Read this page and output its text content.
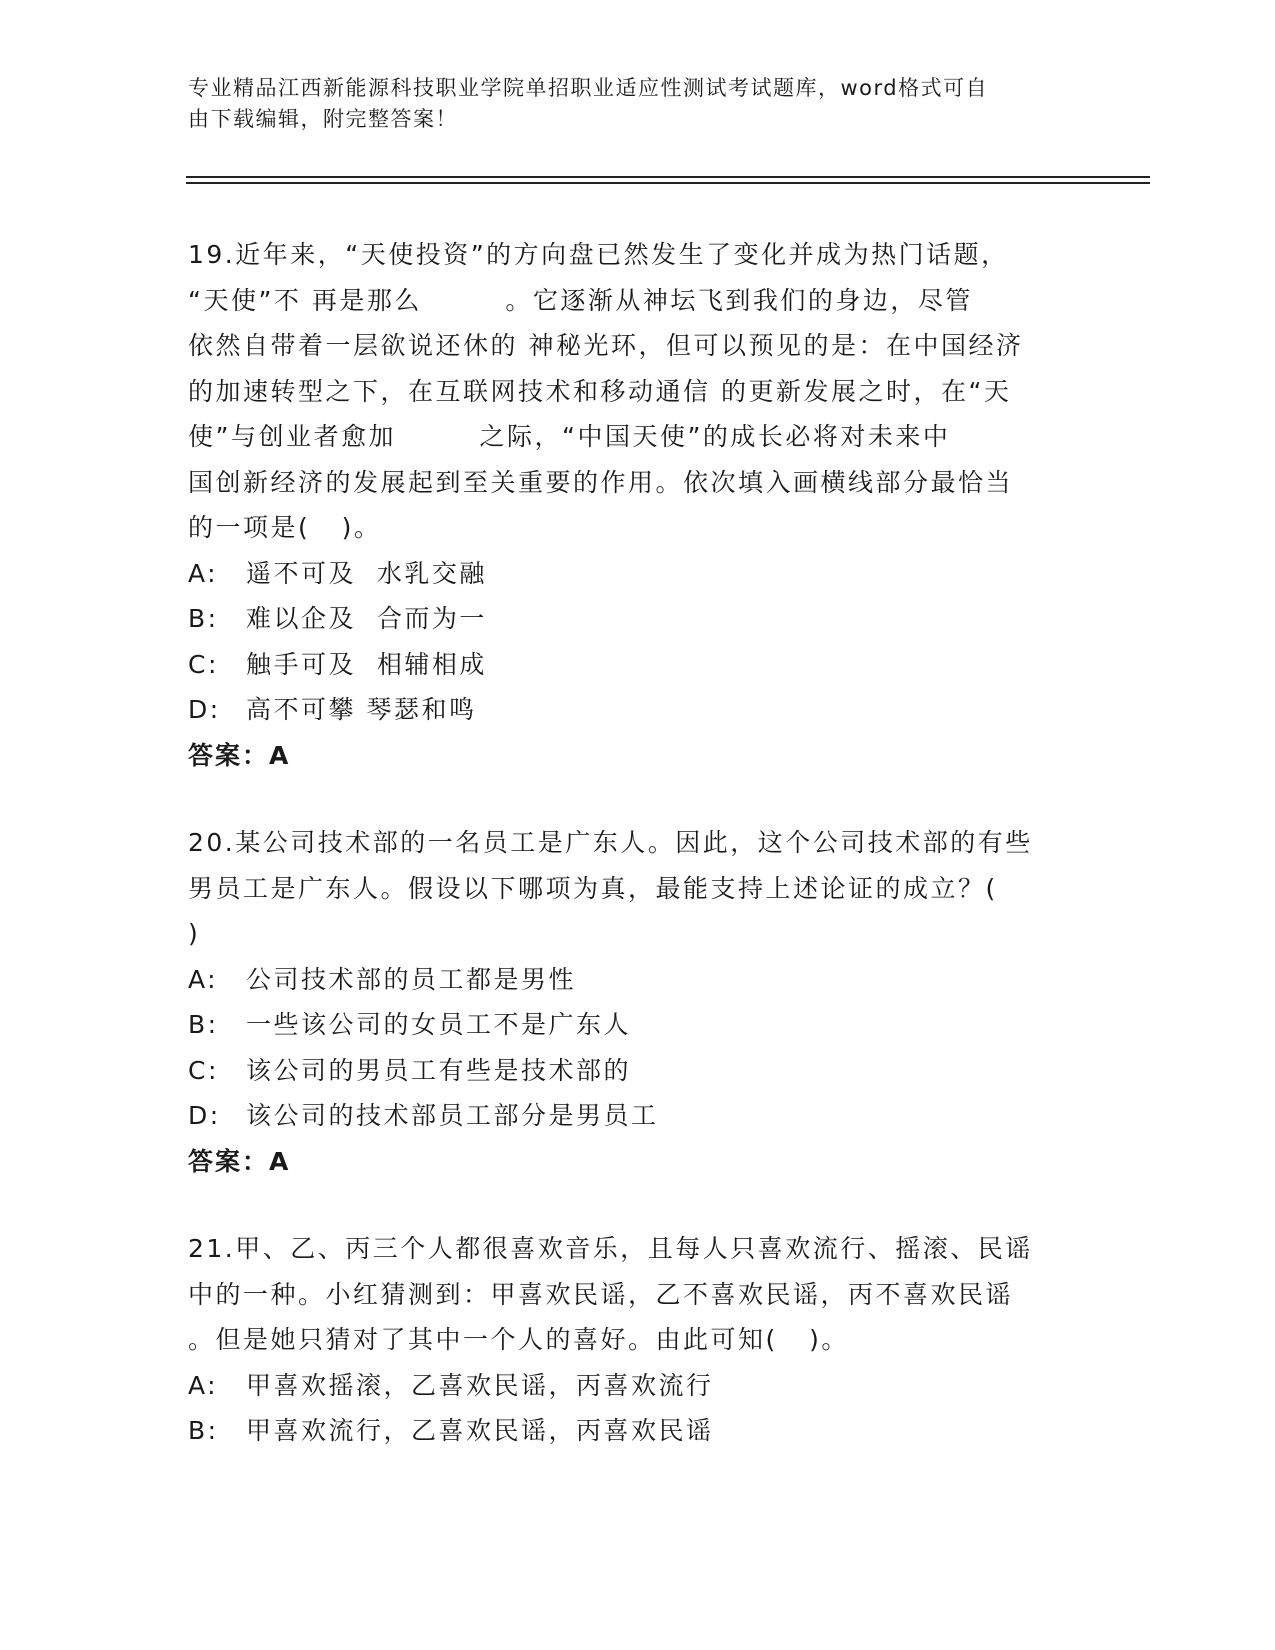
专业精品江西新能源科技职业学院单招职业适应性测试考试题库，word格式可自
由下载编辑，附完整答案！
19.近年来，“天使投资”的方向盘已然发生了变化并成为热门话题，
“天使”不 再是那么        。它逐渐从神坛飞到我们的身边，尽管
依然自带着一层欲说还休的 神秘光环，但可以预见的是：在中国经济
的加速转型之下，在互联网技术和移动通信 的更新发展之时，在“天
使”与创业者愈加        之际，“中国天使”的成长必将对未来中
国创新经济的发展起到至关重要的作用。依次填入画横线部分最恰当
的一项是(   )。
A:	遥不可及  水乳交融
B:	难以企及  合而为一
C:	触手可及  相辅相成
D:	高不可攀 琴瑟和鸣
答案：A
20.某公司技术部的一名员工是广东人。因此，这个公司技术部的有些
男员工是广东人。假设以下哪项为真，最能支持上述论证的成立？(
)
A:	公司技术部的员工都是男性
B:	一些该公司的女员工不是广东人
C:	该公司的男员工有些是技术部的
D:	该公司的技术部员工部分是男员工
答案：A
21.甲、乙、丙三个人都很喜欢音乐，且每人只喜欢流行、摇滚、民谣
中的一种。小红猜测到：甲喜欢民谣，乙不喜欢民谣，丙不喜欢民谣
。但是她只猜对了其中一个人的喜好。由此可知(   )。
A:	甲喜欢摇滚，乙喜欢民谣，丙喜欢流行
B:	甲喜欢流行，乙喜欢民谣，丙喜欢民谣
